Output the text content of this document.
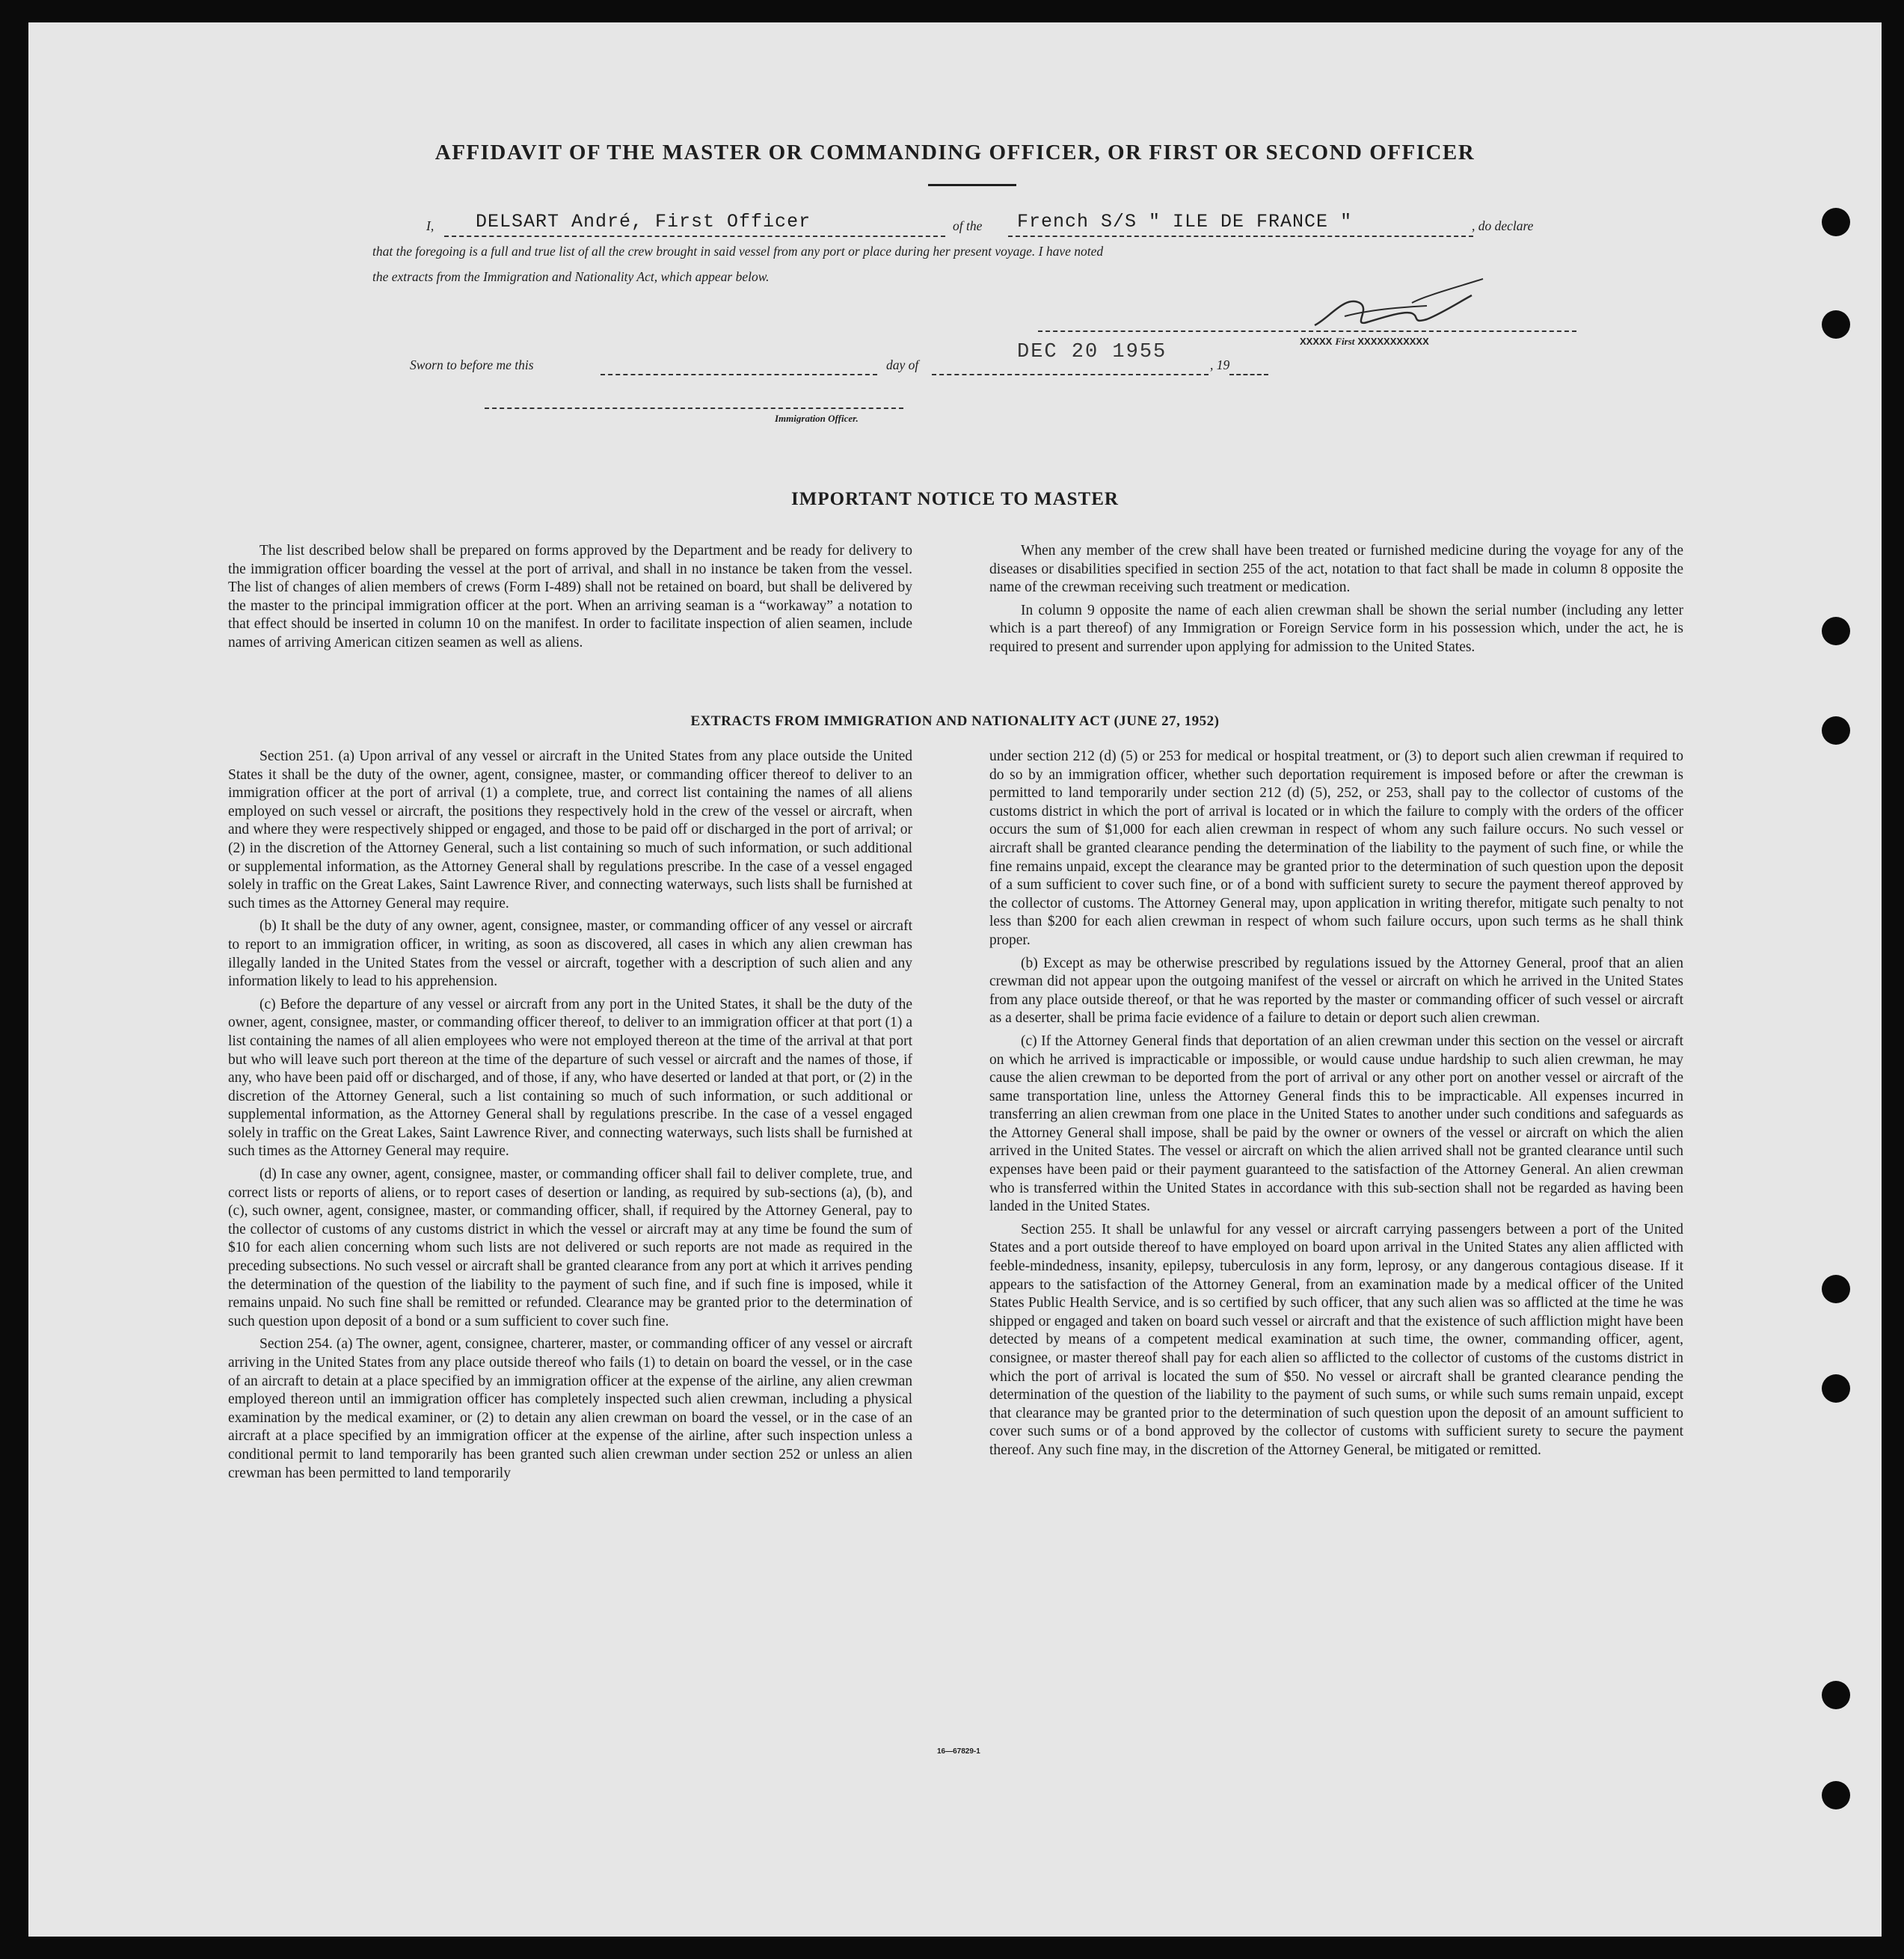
AFFIDAVIT OF THE MASTER OR COMMANDING OFFICER, OR FIRST OR SECOND OFFICER
I, DELSART André, First Officer	of the French S/S " ILE DE FRANCE "	, do declare
that the foregoing is a full and true list of all the crew brought in said vessel from any port or place during her present voyage. I have noted
the extracts from the Immigration and Nationality Act, which appear below.
XXXXX First XXXXXXXXXXX
Sworn to before me this	day of
DEC 20 1955
, 19
Immigration Officer.
IMPORTANT NOTICE TO MASTER

The list described below shall be prepared on forms approved by the Department and be ready for delivery to the immigration officer boarding the vessel at the port of arrival, and shall in no instance be taken from the vessel. The list of changes of alien members of crews (Form I-489) shall not be retained on board, but shall be delivered by the master to the principal immigration officer at the port. When an arriving seaman is a “workaway” a notation to that effect should be inserted in column 10 on the manifest. In order to facilitate inspection of alien seamen, include names of arriving American citizen seamen as well as aliens.

When any member of the crew shall have been treated or furnished medicine during the voyage for any of the diseases or disabilities specified in section 255 of the act, notation to that fact shall be made in column 8 opposite the name of the crewman receiving such treatment or medication.

In column 9 opposite the name of each alien crewman shall be shown the serial number (including any letter which is a part thereof) of any Immigration or Foreign Service form in his possession which, under the act, he is required to present and surrender upon applying for admission to the United States.

EXTRACTS FROM IMMIGRATION AND NATIONALITY ACT (JUNE 27, 1952)

Section 251. (a) Upon arrival of any vessel or aircraft in the United States from any place outside the United States it shall be the duty of the owner, agent, consignee, master, or commanding officer thereof to deliver to an immigration officer at the port of arrival (1) a complete, true, and correct list containing the names of all aliens employed on such vessel or aircraft, the positions they respectively hold in the crew of the vessel or aircraft, when and where they were respectively shipped or engaged, and those to be paid off or discharged in the port of arrival; or (2) in the discretion of the Attorney General, such a list containing so much of such information, or such additional or supplemental information, as the Attorney General shall by regulations prescribe. In the case of a vessel engaged solely in traffic on the Great Lakes, Saint Lawrence River, and connecting waterways, such lists shall be furnished at such times as the Attorney General may require.

(b) It shall be the duty of any owner, agent, consignee, master, or commanding officer of any vessel or aircraft to report to an immigration officer, in writing, as soon as discovered, all cases in which any alien crewman has illegally landed in the United States from the vessel or aircraft, together with a description of such alien and any information likely to lead to his apprehension.

(c) Before the departure of any vessel or aircraft from any port in the United States, it shall be the duty of the owner, agent, consignee, master, or commanding officer thereof, to deliver to an immigration officer at that port (1) a list containing the names of all alien employees who were not employed thereon at the time of the arrival at that port but who will leave such port thereon at the time of the departure of such vessel or aircraft and the names of those, if any, who have been paid off or discharged, and of those, if any, who have deserted or landed at that port, or (2) in the discretion of the Attorney General, such a list containing so much of such information, or such additional or supplemental information, as the Attorney General shall by regulations prescribe. In the case of a vessel engaged solely in traffic on the Great Lakes, Saint Lawrence River, and connecting waterways, such lists shall be furnished at such times as the Attorney General may require.

(d) In case any owner, agent, consignee, master, or commanding officer shall fail to deliver complete, true, and correct lists or reports of aliens, or to report cases of desertion or landing, as required by sub-sections (a), (b), and (c), such owner, agent, consignee, master, or commanding officer, shall, if required by the Attorney General, pay to the collector of customs of any customs district in which the vessel or aircraft may at any time be found the sum of $10 for each alien concerning whom such lists are not delivered or such reports are not made as required in the preceding subsections. No such vessel or aircraft shall be granted clearance from any port at which it arrives pending the determination of the question of the liability to the payment of such fine, and if such fine is imposed, while it remains unpaid. No such fine shall be remitted or refunded. Clearance may be granted prior to the determination of such question upon deposit of a bond or a sum sufficient to cover such fine.

Section 254. (a) The owner, agent, consignee, charterer, master, or commanding officer of any vessel or aircraft arriving in the United States from any place outside thereof who fails (1) to detain on board the vessel, or in the case of an aircraft to detain at a place specified by an immigration officer at the expense of the airline, any alien crewman employed thereon until an immigration officer has completely inspected such alien crewman, including a physical examination by the medical examiner, or (2) to detain any alien crewman on board the vessel, or in the case of an aircraft at a place specified by an immigration officer at the expense of the airline, after such inspection unless a conditional permit to land temporarily has been granted such alien crewman under section 252 or unless an alien crewman has been permitted to land temporarily

under section 212 (d) (5) or 253 for medical or hospital treatment, or (3) to deport such alien crewman if required to do so by an immigration officer, whether such deportation requirement is imposed before or after the crewman is permitted to land temporarily under section 212 (d) (5), 252, or 253, shall pay to the collector of customs of the customs district in which the port of arrival is located or in which the failure to comply with the orders of the officer occurs the sum of $1,000 for each alien crewman in respect of whom any such failure occurs. No such vessel or aircraft shall be granted clearance pending the determination of the liability to the payment of such fine, or while the fine remains unpaid, except the clearance may be granted prior to the determination of such question upon the deposit of a sum sufficient to cover such fine, or of a bond with sufficient surety to secure the payment thereof approved by the collector of customs. The Attorney General may, upon application in writing therefor, mitigate such penalty to not less than $200 for each alien crewman in respect of whom such failure occurs, upon such terms as he shall think proper.

(b) Except as may be otherwise prescribed by regulations issued by the Attorney General, proof that an alien crewman did not appear upon the outgoing manifest of the vessel or aircraft on which he arrived in the United States from any place outside thereof, or that he was reported by the master or commanding officer of such vessel or aircraft as a deserter, shall be prima facie evidence of a failure to detain or deport such alien crewman.

(c) If the Attorney General finds that deportation of an alien crewman under this section on the vessel or aircraft on which he arrived is impracticable or impossible, or would cause undue hardship to such alien crewman, he may cause the alien crewman to be deported from the port of arrival or any other port on another vessel or aircraft of the same transportation line, unless the Attorney General finds this to be impracticable. All expenses incurred in transferring an alien crewman from one place in the United States to another under such conditions and safeguards as the Attorney General shall impose, shall be paid by the owner or owners of the vessel or aircraft on which the alien arrived in the United States. The vessel or aircraft on which the alien arrived shall not be granted clearance until such expenses have been paid or their payment guaranteed to the satisfaction of the Attorney General. An alien crewman who is transferred within the United States in accordance with this sub-section shall not be regarded as having been landed in the United States.

Section 255. It shall be unlawful for any vessel or aircraft carrying passengers between a port of the United States and a port outside thereof to have employed on board upon arrival in the United States any alien afflicted with feeble-mindedness, insanity, epilepsy, tuberculosis in any form, leprosy, or any dangerous contagious disease. If it appears to the satisfaction of the Attorney General, from an examination made by a medical officer of the United States Public Health Service, and is so certified by such officer, that any such alien was so afflicted at the time he was shipped or engaged and taken on board such vessel or aircraft and that the existence of such affliction might have been detected by means of a competent medical examination at such time, the owner, commanding officer, agent, consignee, or master thereof shall pay for each alien so afflicted to the collector of customs of the customs district in which the port of arrival is located the sum of $50. No vessel or aircraft shall be granted clearance pending the determination of the question of the liability to the payment of such sums, or while such sums remain unpaid, except that clearance may be granted prior to the determination of such question upon the deposit of an amount sufficient to cover such sums or of a bond approved by the collector of customs with sufficient surety to secure the payment thereof. Any such fine may, in the discretion of the Attorney General, be mitigated or remitted.

16—67829-1
